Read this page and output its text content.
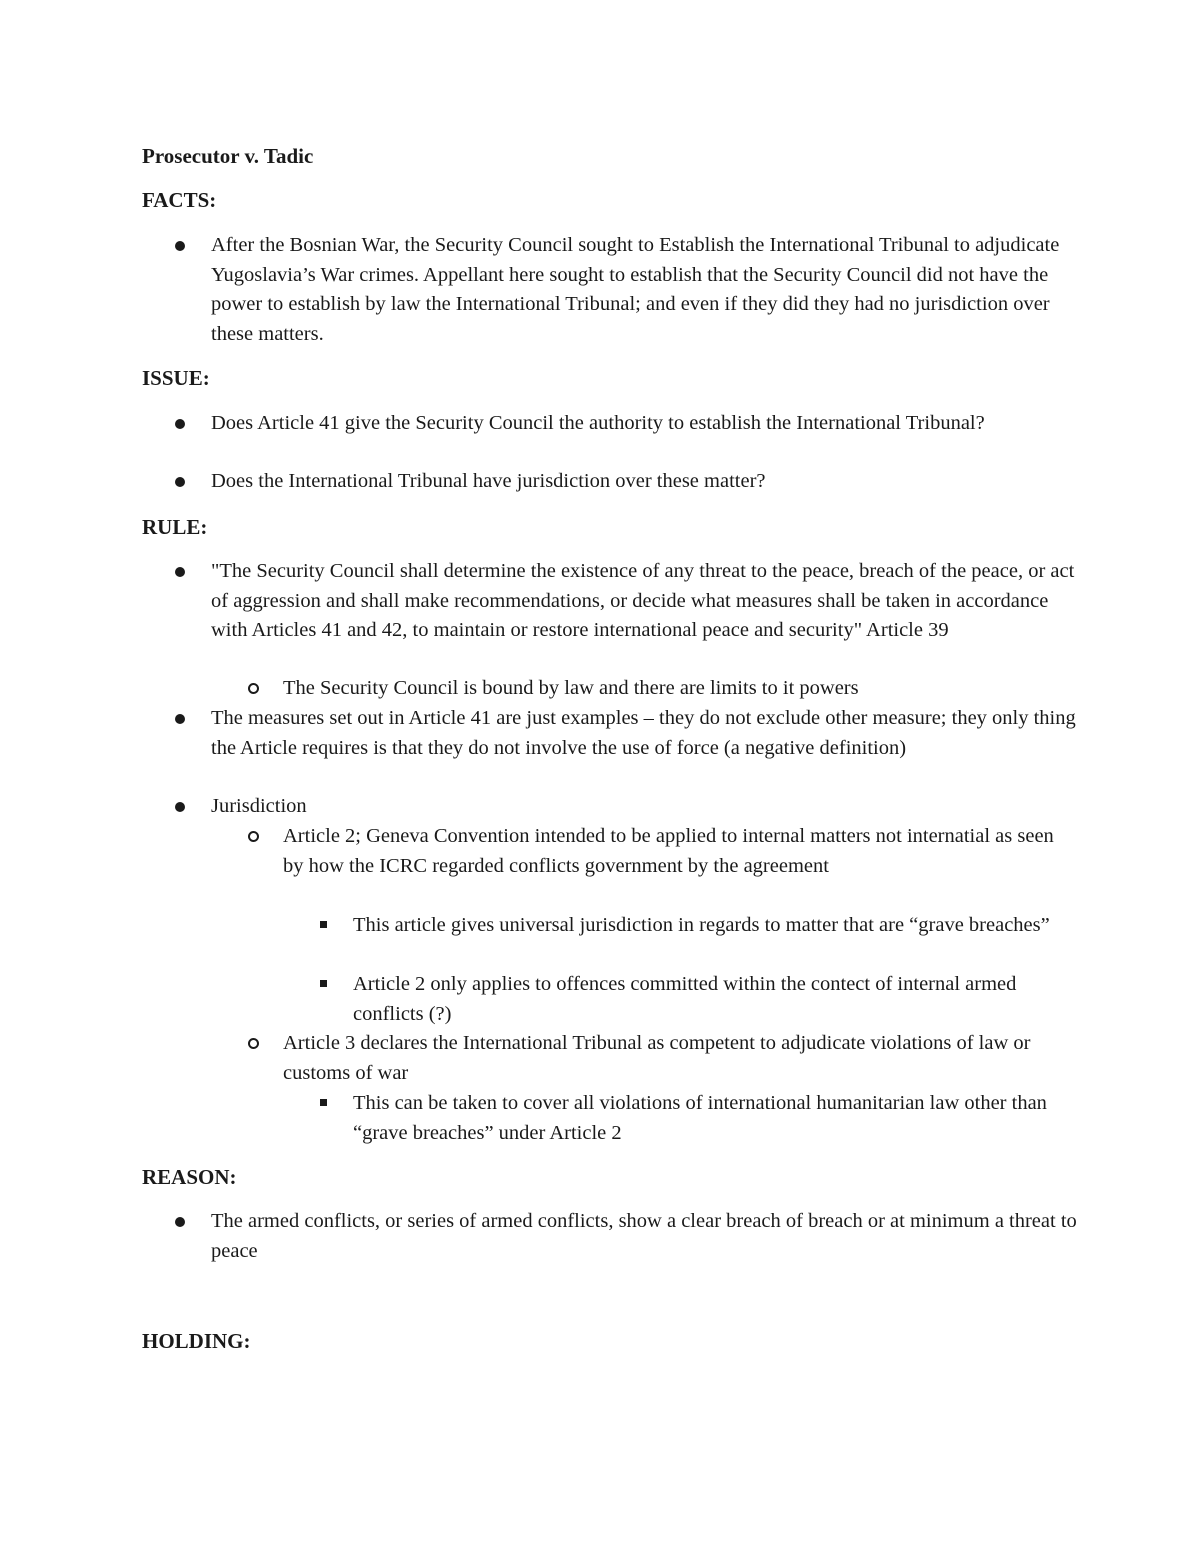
Prosecutor v. Tadic

FACTS:

After the Bosnian War, the Security Council sought to Establish the International Tribunal to adjudicate Yugoslavia’s War crimes. Appellant here sought to establish that the Security Council did not have the power to establish by law the International Tribunal; and even if they did they had no jurisdiction over these matters.

ISSUE:

Does Article 41 give the Security Council the authority to establish the International Tribunal?
Does the International Tribunal have jurisdiction over these matter?

RULE:

"The Security Council shall determine the existence of any threat to the peace, breach of the peace, or act of aggression and shall make recommendations, or decide what measures shall be taken in accordance with Articles 41 and 42, to maintain or restore international peace and security" Article 39
The Security Council is bound by law and there are limits to it powers
The measures set out in Article 41 are just examples – they do not exclude other measure; they only thing the Article requires is that they do not involve the use of force (a negative definition)
Jurisdiction
Article 2; Geneva Convention intended to be applied to internal matters not internatial as seen by how the ICRC regarded conflicts government by the agreement
This article gives universal jurisdiction in regards to matter that are “grave breaches”
Article 2 only applies to offences committed within the contect of internal armed conflicts (?)
Article 3 declares the International Tribunal as competent to adjudicate violations of law or customs of war
This can be taken to cover all violations of international humanitarian law other than “grave breaches” under Article 2

REASON:

The armed conflicts, or series of armed conflicts, show a clear breach of breach or at minimum a threat to peace

HOLDING:
